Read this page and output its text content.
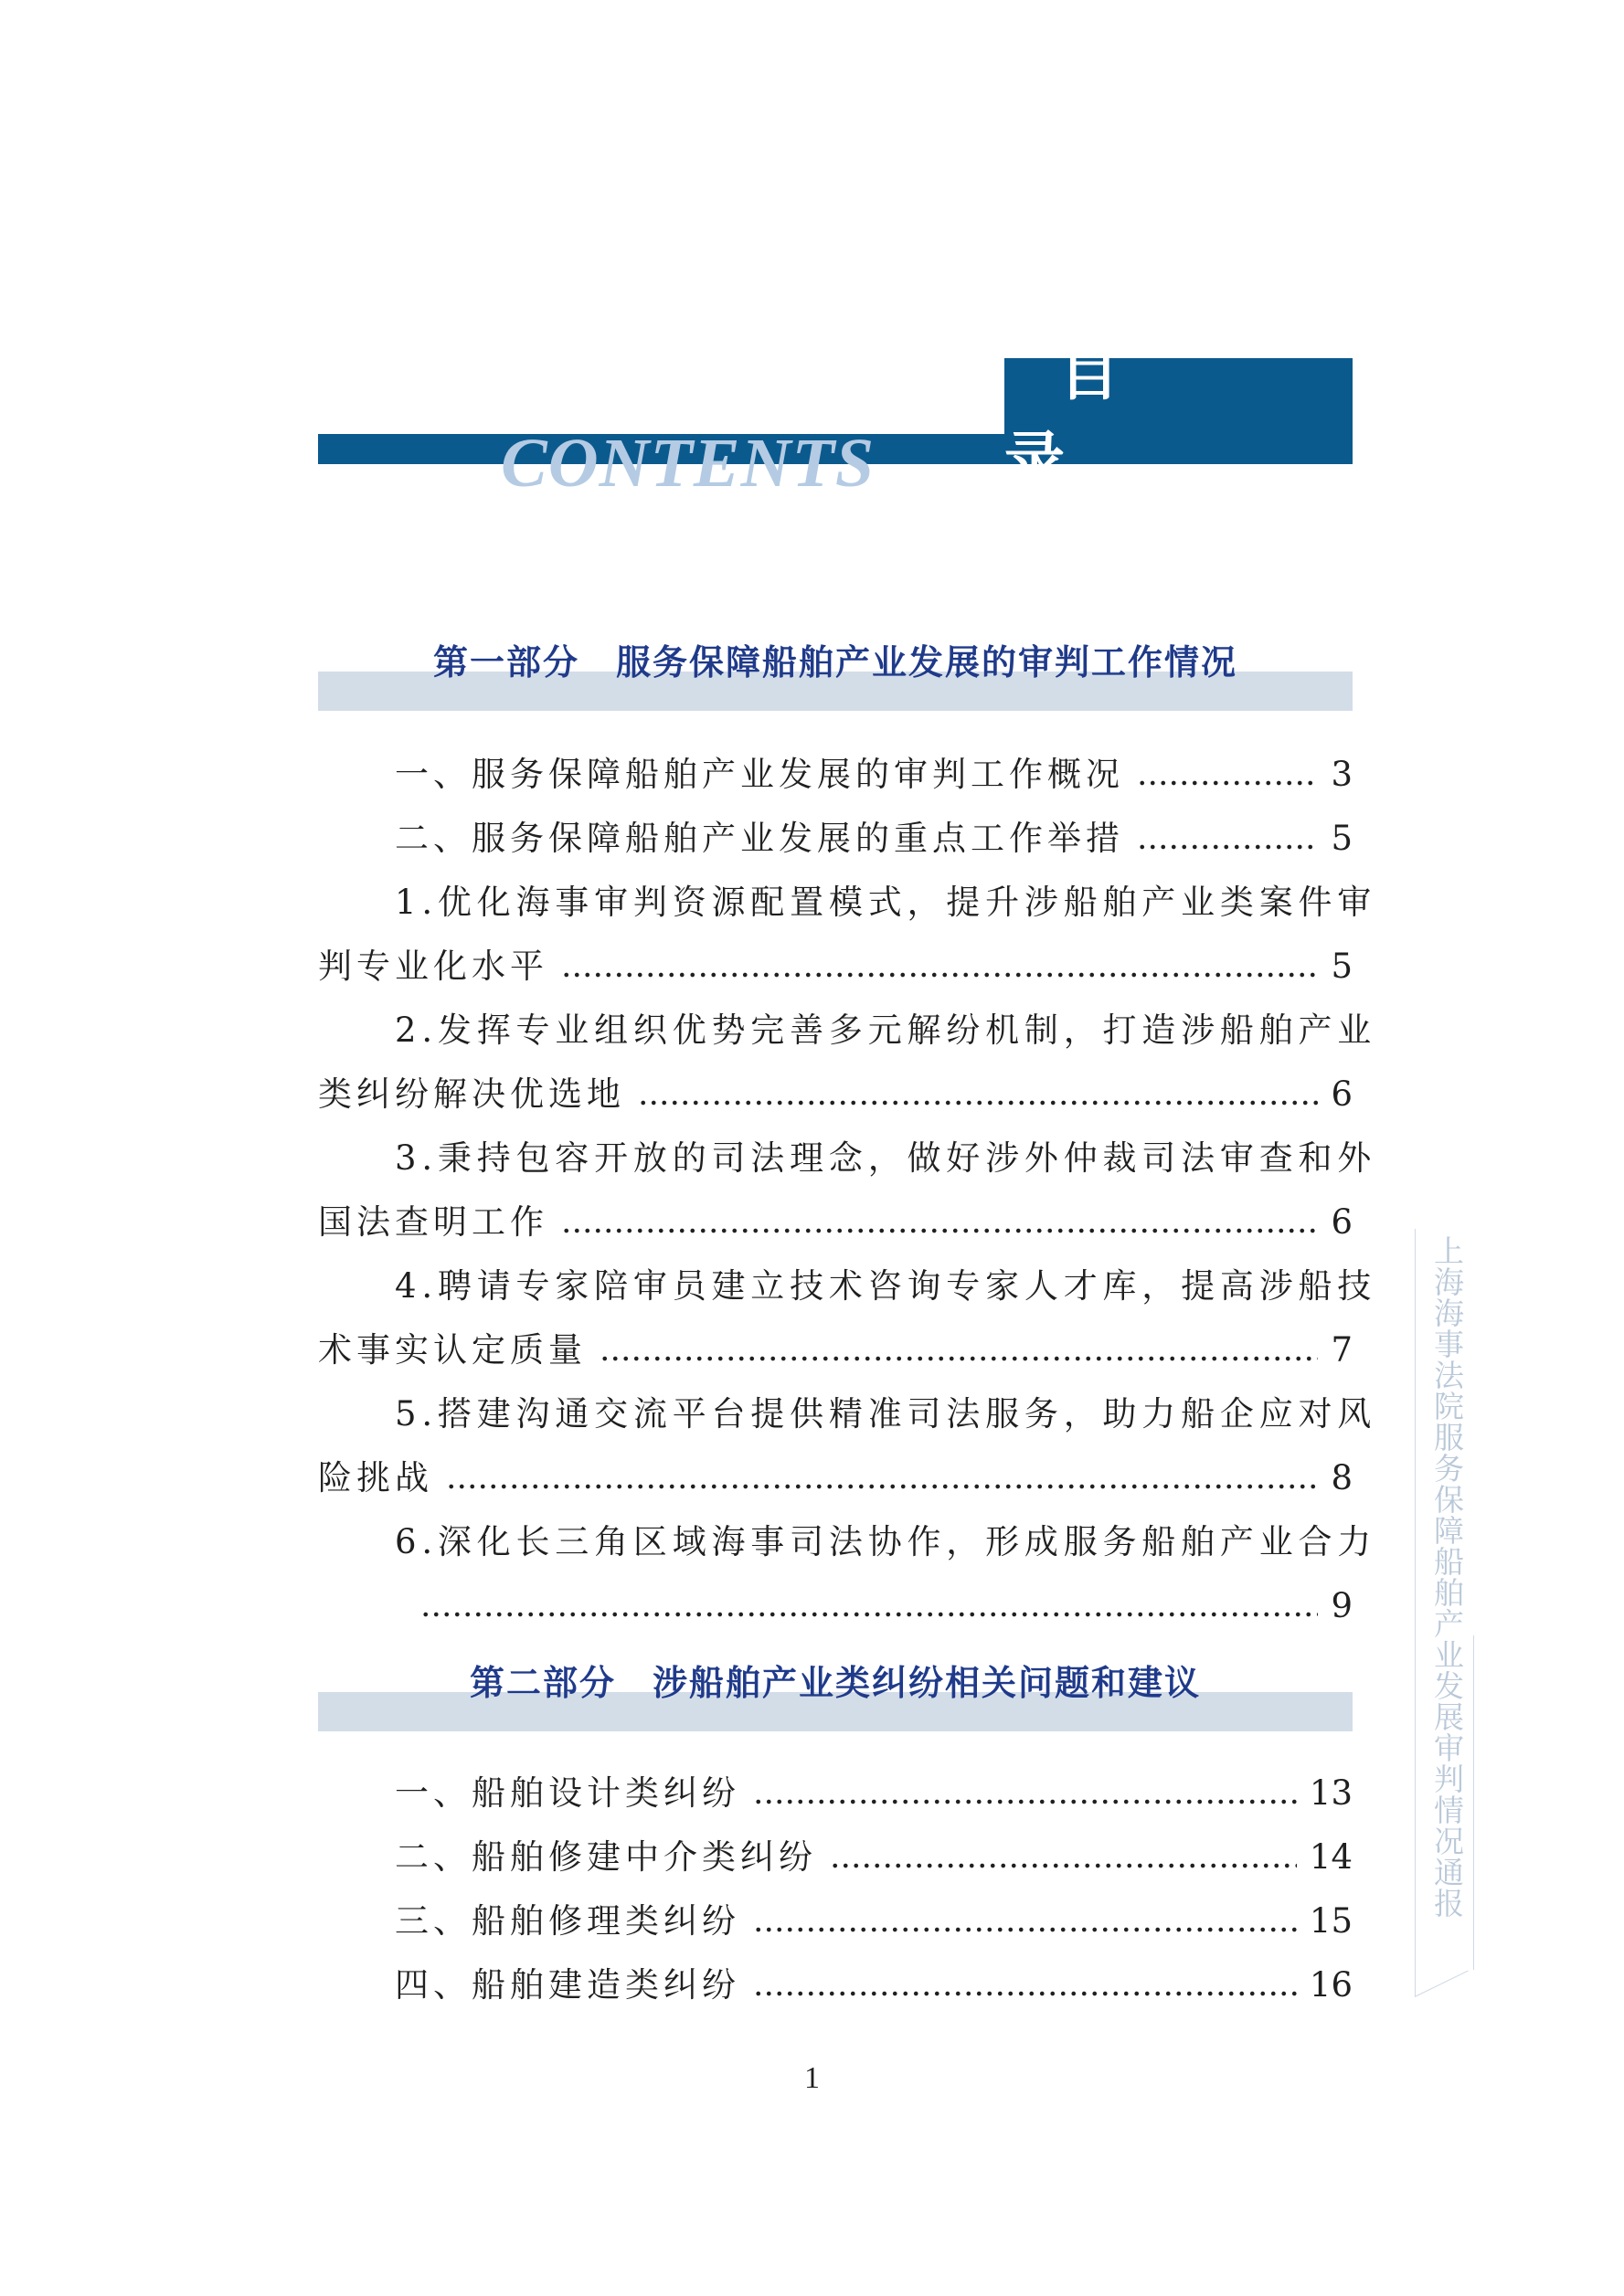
目 录
CONTENTS
第一部分　服务保障船舶产业发展的审判工作情况
一、服务保障船舶产业发展的审判工作概况	3
二、服务保障船舶产业发展的重点工作举措	5
1.优化海事审判资源配置模式，提升涉船舶产业类案件审
判专业化水平	5
2.发挥专业组织优势完善多元解纷机制，打造涉船舶产业
类纠纷解决优选地	6
3.秉持包容开放的司法理念，做好涉外仲裁司法审查和外
国法查明工作	6
4.聘请专家陪审员建立技术咨询专家人才库，提高涉船技
术事实认定质量	7
5.搭建沟通交流平台提供精准司法服务，助力船企应对风
险挑战	8
6.深化长三角区域海事司法协作，形成服务船舶产业合力
9
第二部分　涉船舶产业类纠纷相关问题和建议
一、船舶设计类纠纷	13
二、船舶修建中介类纠纷	14
三、船舶修理类纠纷	15
四、船舶建造类纠纷	16
上海海事法院服务保障船舶产业发展审判情况通报
1
